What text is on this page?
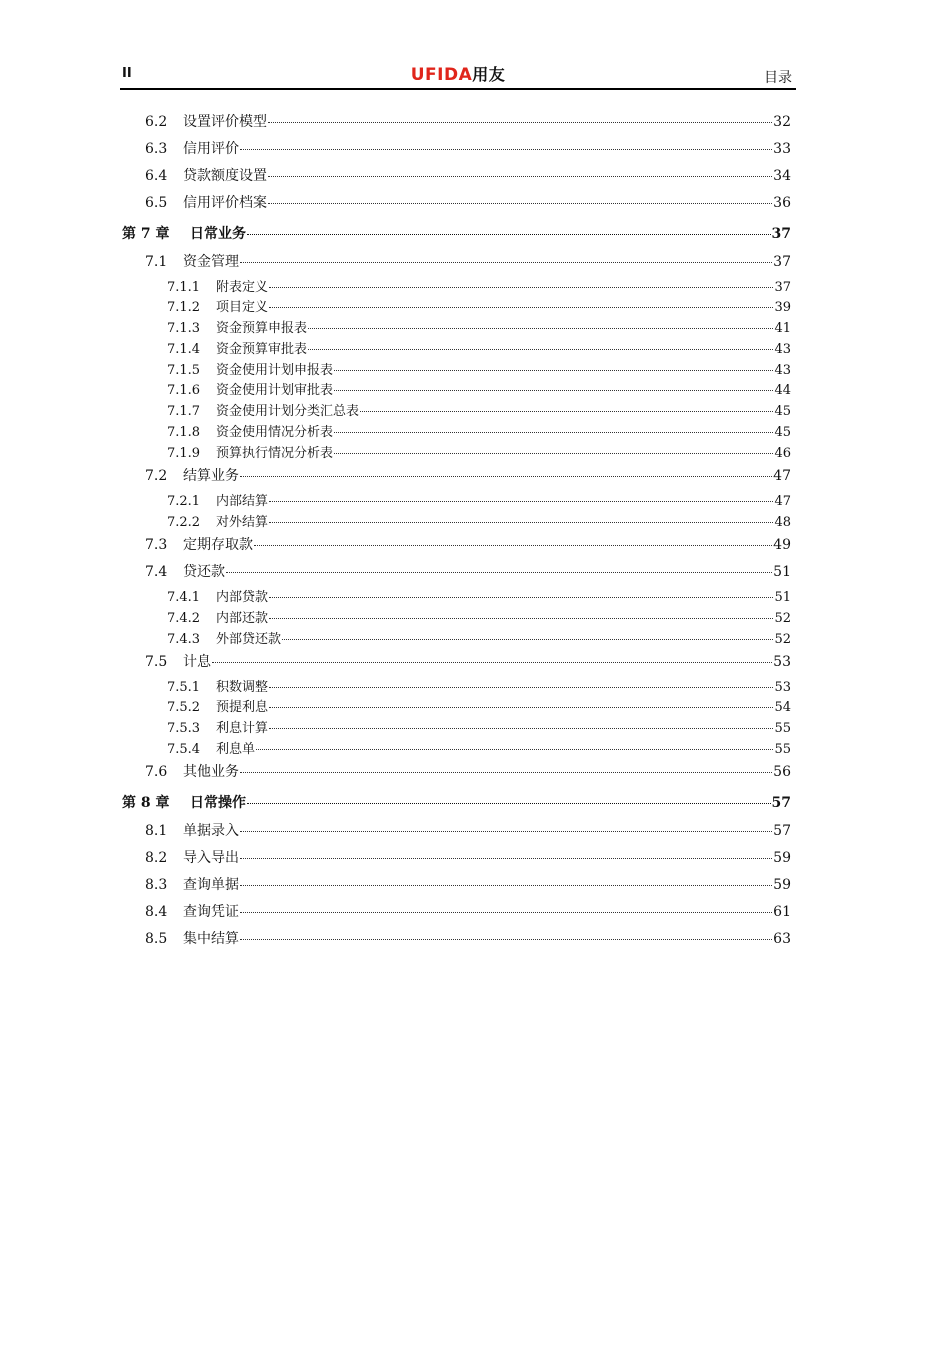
II	UFIDA用友	目录
6.2	设置评价模型	32
6.3	信用评价	33
6.4	贷款额度设置	34
6.5	信用评价档案	36
第 7 章	日常业务	37
7.1	资金管理	37
7.1.1	附表定义	37
7.1.2	项目定义	39
7.1.3	资金预算申报表	41
7.1.4	资金预算审批表	43
7.1.5	资金使用计划申报表	43
7.1.6	资金使用计划审批表	44
7.1.7	资金使用计划分类汇总表	45
7.1.8	资金使用情况分析表	45
7.1.9	预算执行情况分析表	46
7.2	结算业务	47
7.2.1	内部结算	47
7.2.2	对外结算	48
7.3	定期存取款	49
7.4	贷还款	51
7.4.1	内部贷款	51
7.4.2	内部还款	52
7.4.3	外部贷还款	52
7.5	计息	53
7.5.1	积数调整	53
7.5.2	预提利息	54
7.5.3	利息计算	55
7.5.4	利息单	55
7.6	其他业务	56
第 8 章	日常操作	57
8.1	单据录入	57
8.2	导入导出	59
8.3	查询单据	59
8.4	查询凭证	61
8.5	集中结算	63
